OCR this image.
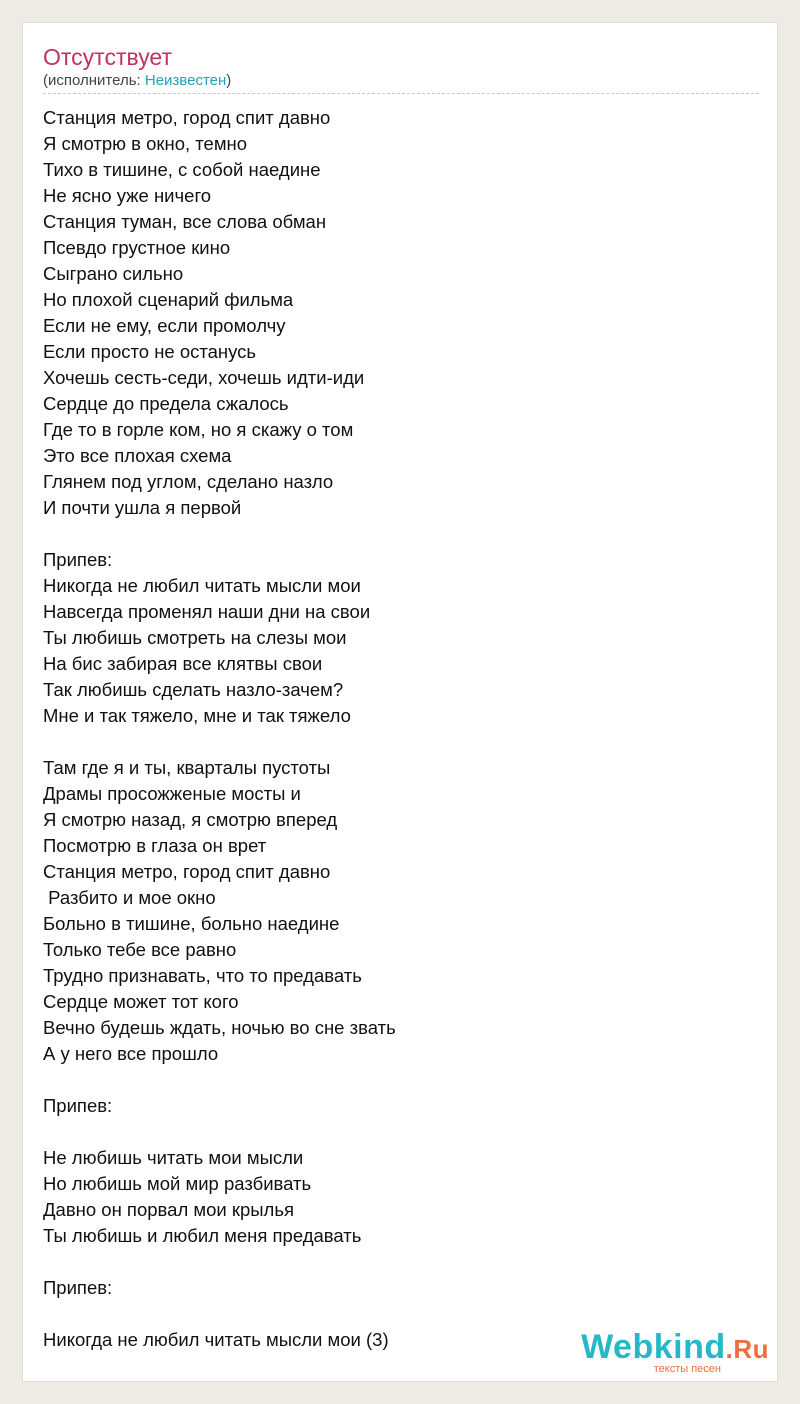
Отсутствует
(исполнитель: Неизвестен)
Станция метро, город спит давно
Я смотрю в окно, темно
Тихо в тишине, с собой наедине
Не ясно уже ничего
Станция туман, все слова обман
Псевдо грустное кино
Сыграно сильно
Но плохой сценарий фильма
Если не ему, если промолчу
Если просто не останусь
Хочешь сесть-седи, хочешь идти-иди
Сердце до предела сжалось
Где то в горле ком, но я скажу о том
Это все плохая схема
Глянем под углом, сделано назло
И почти ушла я первой
Припев:
Никогда не любил читать мысли мои
Навсегда променял наши дни на свои
Ты любишь смотреть на слезы мои
На бис забирая все клятвы свои
Так любишь сделать назло-зачем?
Мне и так тяжело, мне и так тяжело
Там где я и ты, кварталы пустоты
Драмы просожженые мосты и
Я смотрю назад, я смотрю вперед
Посмотрю в глаза он врет
Станция метро, город спит давно
Разбито и мое окно
Больно в тишине, больно наедине
Только тебе все равно
Трудно признавать, что то предавать
Сердце может тот кого
Вечно будешь ждать, ночью во сне звать
А у него все прошло
Припев:
Не любишь читать мои мысли
Но любишь мой мир разбивать
Давно он порвал мои крылья
Ты любишь и любил меня предавать
Припев:
Никогда не любил читать мысли мои (3)	Webkind.Ru
тексты песен
